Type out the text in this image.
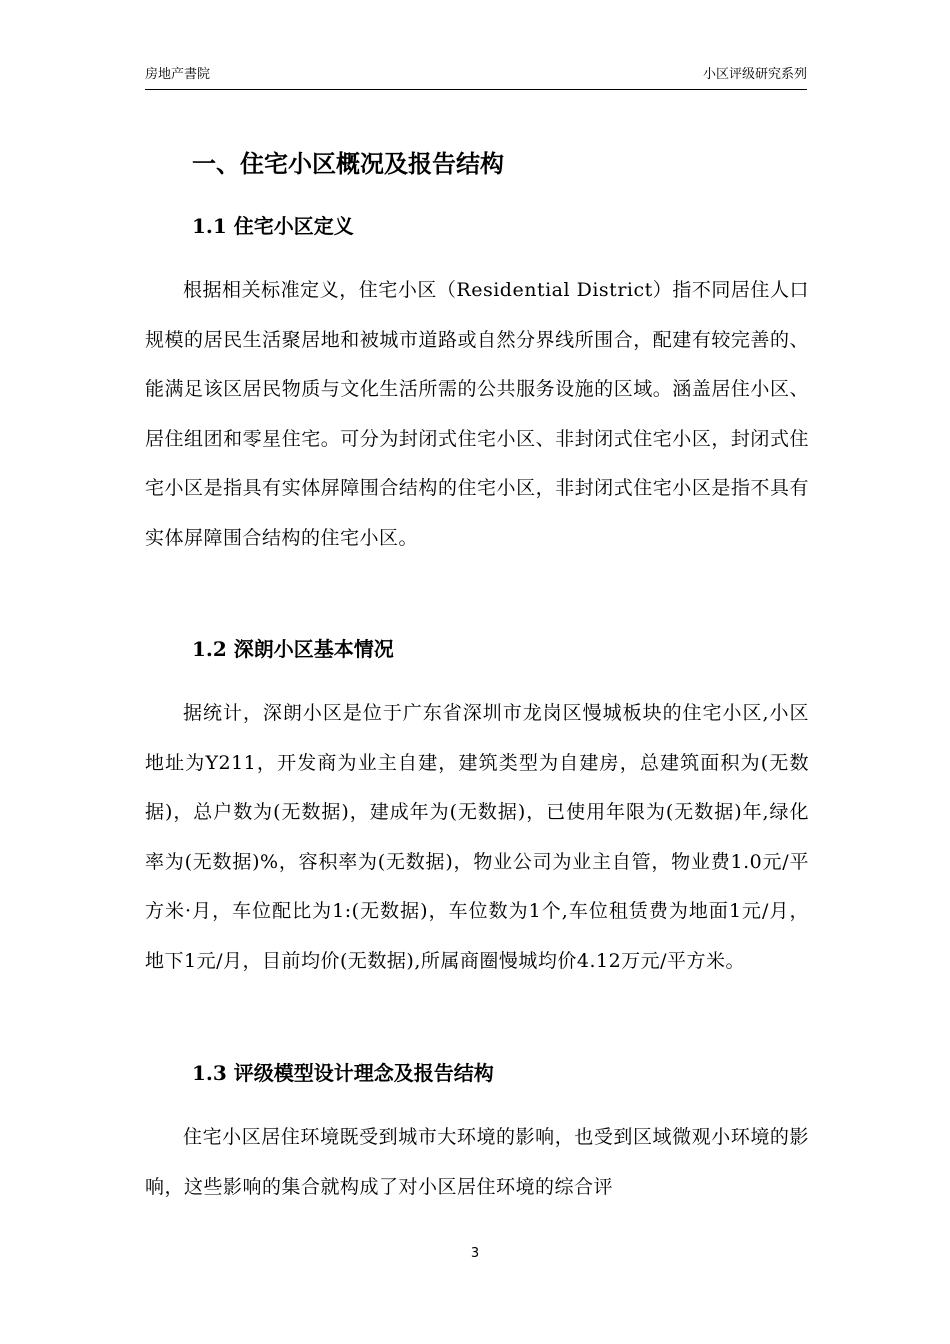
房地产書院	小区评级研究系列
一、住宅小区概况及报告结构
1.1 住宅小区定义

根据相关标准定义，住宅小区（Residential District）指不同居住人口规模的居民生活聚居地和被城市道路或自然分界线所围合，配建有较完善的、能满足该区居民物质与文化生活所需的公共服务设施的区域。涵盖居住小区、居住组团和零星住宅。可分为封闭式住宅小区、非封闭式住宅小区，封闭式住宅小区是指具有实体屏障围合结构的住宅小区，非封闭式住宅小区是指不具有实体屏障围合结构的住宅小区。

1.2 深朗小区基本情况

据统计，深朗小区是位于广东省深圳市龙岗区慢城板块的住宅小区,小区地址为Y211，开发商为业主自建，建筑类型为自建房，总建筑面积为(无数据)，总户数为(无数据)，建成年为(无数据)，已使用年限为(无数据)年,绿化率为(无数据)%，容积率为(无数据)，物业公司为业主自管，物业费1.0元/平方米·月，车位配比为1:(无数据)，车位数为1个,车位租赁费为地面1元/月，地下1元/月，目前均价(无数据),所属商圈慢城均价4.12万元/平方米。

1.3 评级模型设计理念及报告结构

住宅小区居住环境既受到城市大环境的影响，也受到区域微观小环境的影响，这些影响的集合就构成了对小区居住环境的综合评

3
